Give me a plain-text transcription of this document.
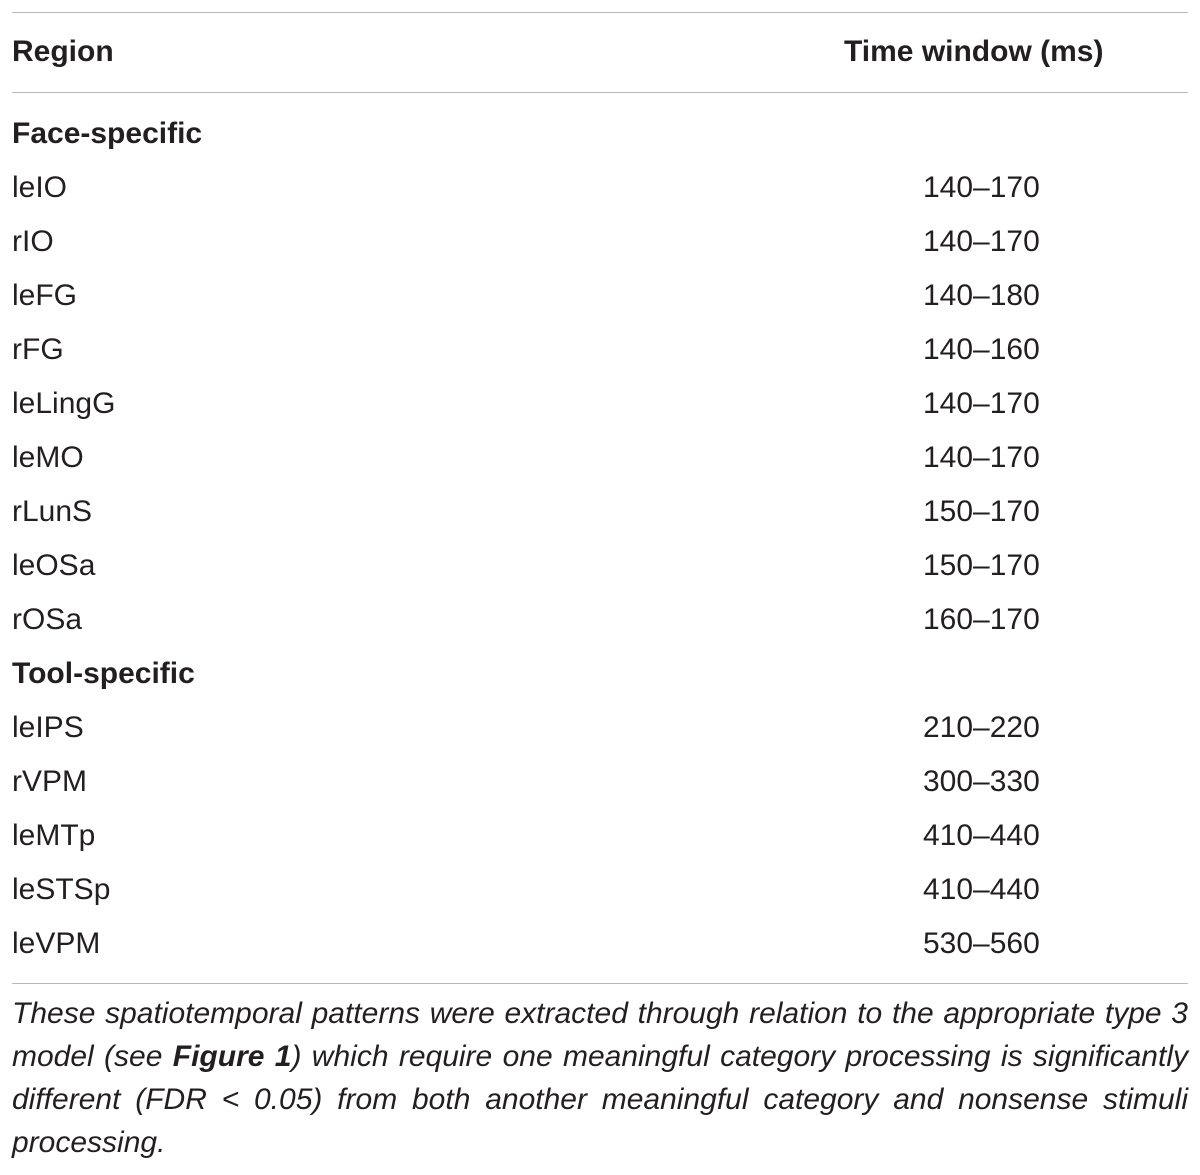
Region	Time window (ms)
Face-specific
leIO	140–170
rIO	140–170
leFG	140–180
rFG	140–160
leLingG	140–170
leMO	140–170
rLunS	150–170
leOSa	150–170
rOSa	160–170
Tool-specific
leIPS	210–220
rVPM	300–330
leMTp	410–440
leSTSp	410–440
leVPM	530–560
These spatiotemporal patterns were extracted through relation to the appropriate type 3 model (see Figure 1) which require one meaningful category processing is significantly different (FDR < 0.05) from both another meaningful category and nonsense stimuli processing.
